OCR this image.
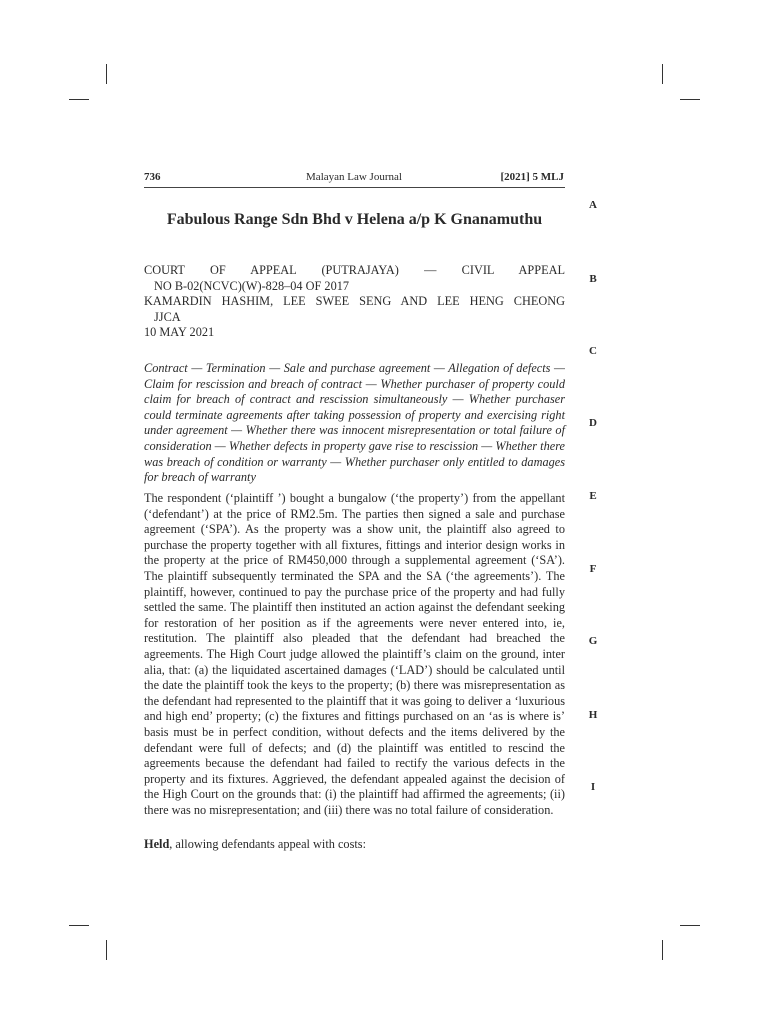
736	Malayan Law Journal	[2021] 5 MLJ
Fabulous Range Sdn Bhd v Helena a/p K Gnanamuthu
COURT OF APPEAL (PUTRAJAYA) — CIVIL APPEAL
NO B-02(NCVC)(W)-828–04 OF 2017
KAMARDIN HASHIM, LEE SWEE SENG AND LEE HENG CHEONG
JJCA
10 MAY 2021
Contract — Termination — Sale and purchase agreement — Allegation of defects — Claim for rescission and breach of contract — Whether purchaser of property could claim for breach of contract and rescission simultaneously — Whether purchaser could terminate agreements after taking possession of property and exercising right under agreement — Whether there was innocent misrepresentation or total failure of consideration — Whether defects in property gave rise to rescission — Whether there was breach of condition or warranty — Whether purchaser only entitled to damages for breach of warranty
The respondent (‘plaintiff ’) bought a bungalow (‘the property’) from the appellant (‘defendant’) at the price of RM2.5m. The parties then signed a sale and purchase agreement (‘SPA’). As the property was a show unit, the plaintiff also agreed to purchase the property together with all fixtures, fittings and interior design works in the property at the price of RM450,000 through a supplemental agreement (‘SA’). The plaintiff subsequently terminated the SPA and the SA (‘the agreements’). The plaintiff, however, continued to pay the purchase price of the property and had fully settled the same. The plaintiff then instituted an action against the defendant seeking for restoration of her position as if the agreements were never entered into, ie, restitution. The plaintiff also pleaded that the defendant had breached the agreements. The High Court judge allowed the plaintiff’s claim on the ground, inter alia, that: (a) the liquidated ascertained damages (‘LAD’) should be calculated until the date the plaintiff took the keys to the property; (b) there was misrepresentation as the defendant had represented to the plaintiff that it was going to deliver a ‘luxurious and high end’ property; (c) the fixtures and fittings purchased on an ‘as is where is’ basis must be in perfect condition, without defects and the items delivered by the defendant were full of defects; and (d) the plaintiff was entitled to rescind the agreements because the defendant had failed to rectify the various defects in the property and its fixtures. Aggrieved, the defendant appealed against the decision of the High Court on the grounds that: (i) the plaintiff had affirmed the agreements; (ii) there was no misrepresentation; and (iii) there was no total failure of consideration.
Held, allowing defendants appeal with costs:
A
B
C
D
E
F
G
H
I
